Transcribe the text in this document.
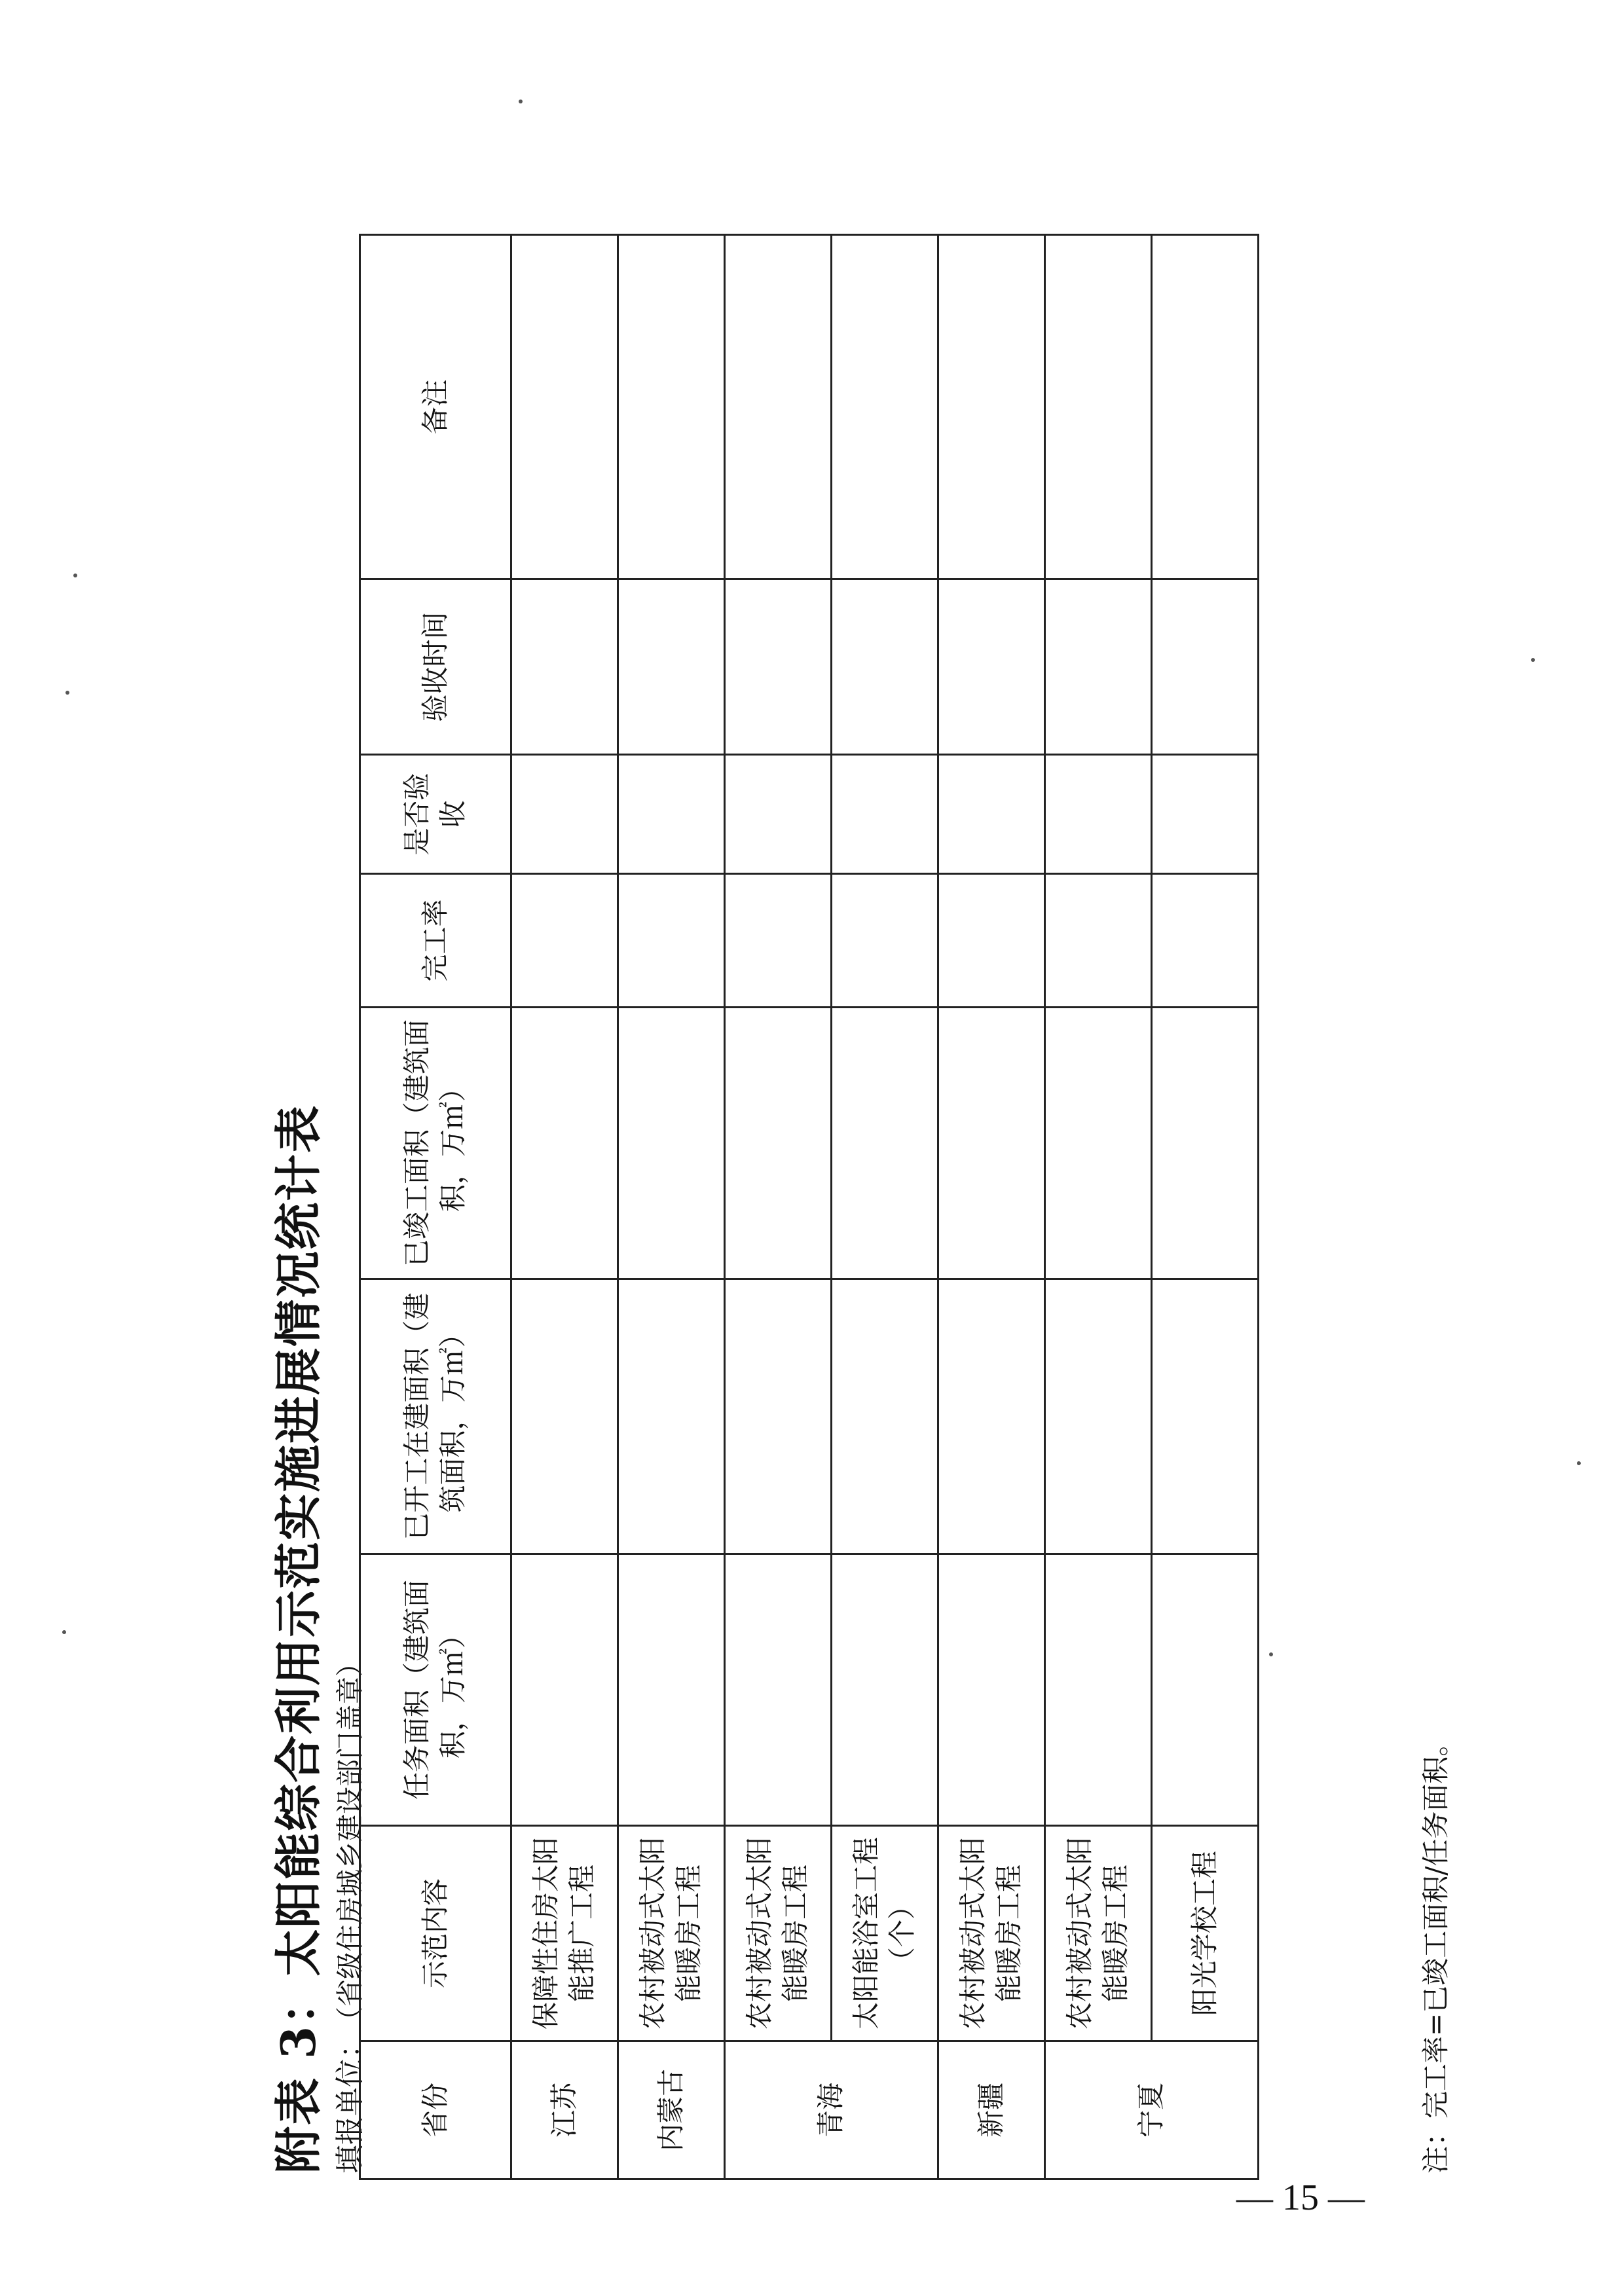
附表 3：太阳能综合利用示范实施进展情况统计表 填报单位：（省级住房城乡建设部门盖章）
省份	示范内容	任务面积（建筑面积，万㎡）	已开工在建面积（建筑面积，万㎡）	已竣工面积（建筑面积，万㎡）	完工率	是否验收	验收时间	备注
江苏	保障性住房太阳能推广工程							
内蒙古	农村被动式太阳能暖房工程							
青海	农村被动式太阳能暖房工程							
	太阳能浴室工程（个）							
新疆	农村被动式太阳能暖房工程							
宁夏	农村被动式太阳能暖房工程							
	阳光学校工程								注：完工率=已竣工面积/任务面积。
— 15 —
